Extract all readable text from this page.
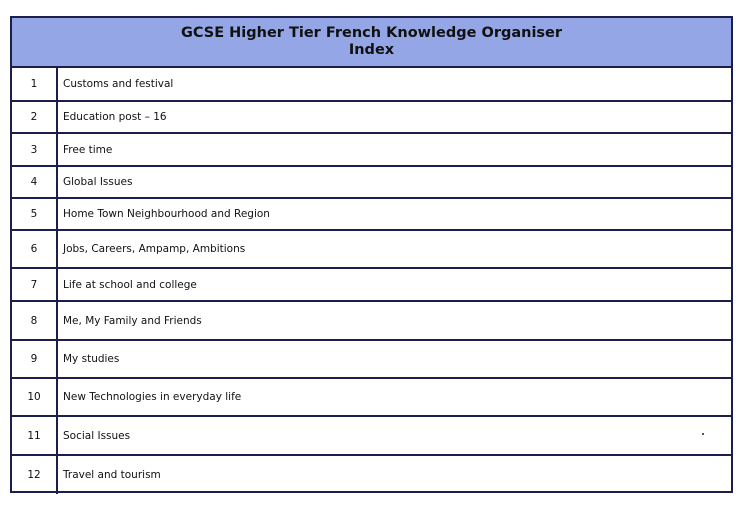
GCSE Higher Tier French Knowledge Organiser
Index
1	Customs and festival
2	Education post – 16
3	Free time
4	Global Issues
5	Home Town Neighbourhood and Region
6	Jobs, Careers, Ampamp, Ambitions
7	Life at school and college
8	Me, My Family and Friends
9	My studies
10	New Technologies in everyday life
11	Social Issues
12	Travel and tourism
